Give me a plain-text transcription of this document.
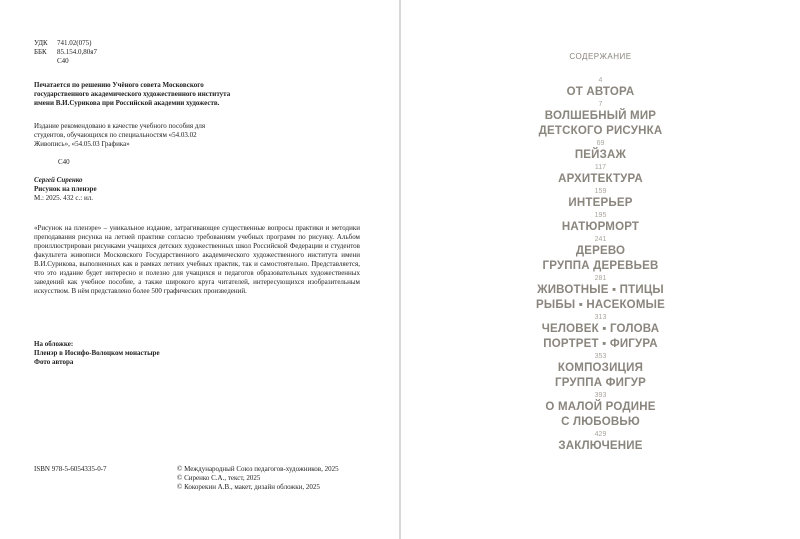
УДК	741.02(075)
ББК	85.154.0,80я7
С40
Печатается по решению Учёного совета Московского государственного академического художественного института имени В.И.Сурикова при Российской академии художеств.
Издание рекомендовано в качестве учебного пособия для студентов, обучающихся по специальностям «54.03.02 Живопись», «54.05.03 Графика»
С40
Сергей Сиренко
Рисунок на пленэре
М.: 2025. 432 с.: ил.
«Рисунок на пленэре» – уникальное издание, затрагивающее существенные вопросы практики и методики преподавания рисунка на летней практике согласно требованиям учебных программ по рисунку. Альбом проиллюстрирован рисунками учащихся детских художественных школ Российской Федерации и студентов факультета живописи Московского Государственного академического художественного института имени В.И.Сурикова, выполненных как в рамках летних учебных практик, так и самостоятельно. Представляется, что это издание будет интересно и полезно для учащихся и педагогов образовательных художественных заведений как учебное пособие, а также широкого круга читателей, интересующихся изобразительным искусством. В нём представлено более 500 графических произведений.
На обложке:
Пленэр в Иосифо-Волоцком монастыре
Фото автора
ISBN 978-5-6054335-0-7	© Международный Союз педагогов-художников, 2025
© Сиренко С.А., текст, 2025
© Кокорекин А.В., макет, дизайн обложки, 2025
СОДЕРЖАНИЕ
4
ОТ АВТОРА
7
ВОЛШЕБНЫЙ МИР
ДЕТСКОГО РИСУНКА
69
ПЕЙЗАЖ
117
АРХИТЕКТУРА
159
ИНТЕРЬЕР
195
НАТЮРМОРТ
241
ДЕРЕВО
ГРУППА ДЕРЕВЬЕВ
281
ЖИВОТНЫЕ ▪ ПТИЦЫ
РЫБЫ ▪ НАСЕКОМЫЕ
313
ЧЕЛОВЕК ▪ ГОЛОВА
ПОРТРЕТ ▪ ФИГУРА
353
КОМПОЗИЦИЯ
ГРУППА ФИГУР
393
О МАЛОЙ РОДИНЕ
С ЛЮБОВЬЮ
429
ЗАКЛЮЧЕНИЕ
